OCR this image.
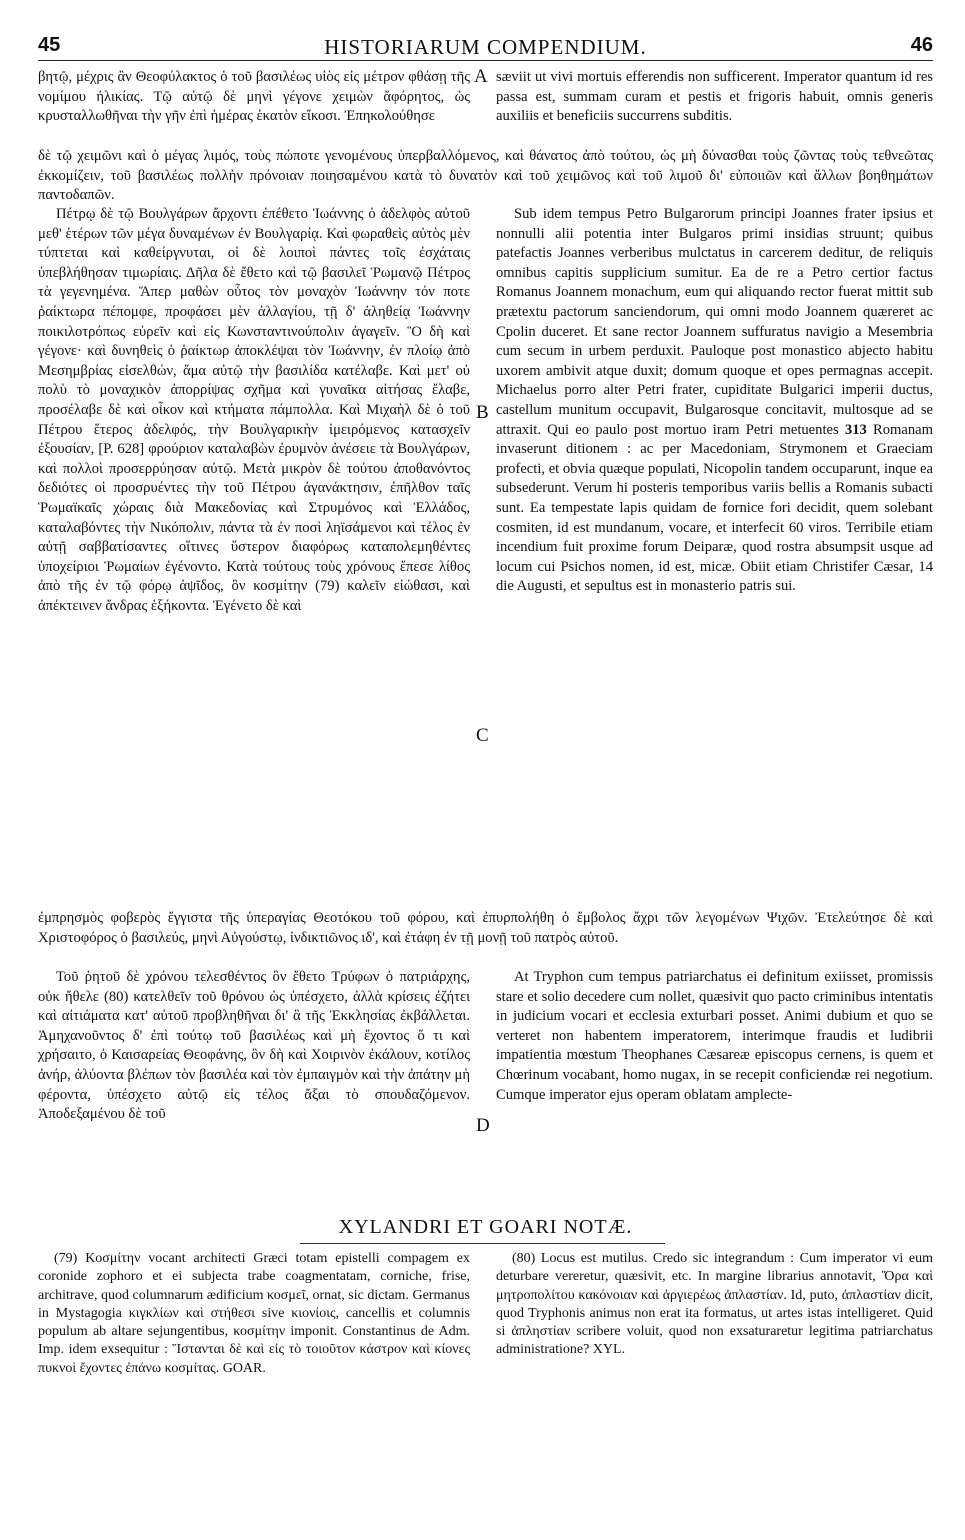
45	HISTORIARUM COMPENDIUM.	46

βητῷ, μέχρις ἂν Θεοφύλακτος ὁ τοῦ βασιλέως υἱὸς εἰς μέτρον φθάσῃ τῆς νομίμου ἡλικίας. Τῷ αὐτῷ δὲ μηνὶ γέγονε χειμὼν ἄφόρητος, ὡς κρυσταλλωθῆναι τὴν γῆν ἐπὶ ἡμέρας ἑκατὸν εἴκοσι. Ἐπηκολούθησε

A sæviit ut vivi mortuis efferendis non sufficerent. Imperator quantum id res passa est, summam curam et pestis et frigoris habuit, omnis generis auxiliis et beneficiis succurrens subditis.

δὲ τῷ χειμῶνι καὶ ὁ μέγας λιμός, τοὺς πώποτε γενομένους ὑπερβαλλόμενος, καὶ θάνατος ἀπὸ τούτου, ὡς μὴ δύνασθαι τοὺς ζῶντας τοὺς τεθνεῶτας ἐκκομίζειν, τοῦ βασιλέως πολλὴν πρόνοιαν ποιησαμένου κατὰ τὸ δυνατὸν καὶ τοῦ χειμῶνος καὶ τοῦ λιμοῦ δι' εὐποιιῶν καὶ ἄλλων βοηθημάτων παντοδαπῶν.

Πέτρῳ δὲ τῷ Βουλγάρων ἄρχοντι ἐπέθετο Ἰωάννης ὁ ἀδελφὸς αὐτοῦ μεθ' ἑτέρων τῶν μέγα δυναμένων ἐν Βουλγαρίᾳ. Καὶ φωραθεὶς αὐτὸς μὲν τύπτεται καὶ καθείργνυται, οἱ δὲ λοιποὶ πάντες τοῖς ἐσχάταις ὑπεβλήθησαν τιμωρίαις. Δῆλα δὲ ἔθετο καὶ τῷ βασιλεῖ Ῥωμανῷ Πέτρος τὰ γεγενημένα. Ἅπερ μαθὼν οὗτος τὸν μοναχὸν Ἰωάννην τόν ποτε ῥαίκτωρα πέπομφε, προφάσει μὲν ἀλλαγίου, τῇ δ' ἀληθείᾳ Ἰωάννην ποικιλοτρόπως εὑρεῖν καὶ εἰς Κωνσταντινούπολιν ἀγαγεῖν. Ὃ δὴ καὶ γέγονε· καὶ δυνηθεὶς ὁ ῥαίκτωρ ἀποκλέψαι τὸν Ἰωάννην, ἐν πλοίῳ ἀπὸ Μεσημβρίας εἰσελθών, ἅμα αὐτῷ τὴν βασιλίδα κατέλαβε. Καὶ μετ' οὐ πολὺ τὸ μοναχικὸν ἀπορρίψας σχῆμα καὶ γυναῖκα αἰτήσας ἔλαβε, προσέλαβε δὲ καὶ οἶκον καὶ κτήματα πάμπολλα. Καὶ Μιχαὴλ δὲ ὁ τοῦ Πέτρου ἕτερος ἀδελφός, τὴν Βουλγαρικὴν ἱμειρόμενος κατασχεῖν ἐξουσίαν, [P. 628] φρούριον καταλαβὼν ἐρυμνὸν ἀνέσειε τὰ Βουλγάρων, καὶ πολλοὶ προσερρύησαν αὐτῷ. Μετὰ μικρὸν δὲ τούτου ἀποθανόντος δεδιότες οἱ προσρυέντες τὴν τοῦ Πέτρου ἀγανάκτησιν, ἐπῆλθον ταῖς Ῥωμαϊκαῖς χώραις διὰ Μακεδονίας καὶ Στρυμόνος καὶ Ἑλλάδος, καταλαβόντες τὴν Νικόπολιν, πάντα τὰ ἐν ποσὶ ληϊσάμενοι καὶ τέλος ἐν αὐτῇ σαββατίσαντες οἵτινες ὕστερον διαφόρως καταπολεμηθέντες ὑποχείριοι Ῥωμαίων ἐγένοντο. Κατὰ τούτους τοὺς χρόνους ἔπεσε λίθος ἀπὸ τῆς ἐν τῷ φόρῳ ἁψῖδος, ὃν κοσμίτην (79) καλεῖν εἰώθασι, καὶ ἀπέκτεινεν ἄνδρας ἑξήκοντα. Ἐγένετο δὲ καὶ

B
C

Sub idem tempus Petro Bulgarorum principi Joannes frater ipsius et nonnulli alii potentia inter Bulgaros primi insidias struunt; quibus patefactis Joannes verberibus mulctatus in carcerem deditur, de reliquis omnibus capitis supplicium sumitur. Ea de re a Petro certior factus Romanus Joannem monachum, eum qui aliquando rector fuerat mittit sub prætextu pactorum sanciendorum, qui omni modo Joannem quæreret ac Cpolin duceret. Et sane rector Joannem suffuratus navigio a Mesembria cum secum in urbem perduxit. Pauloque post monastico abjecto habitu uxorem ambivit atque duxit; domum quoque et opes permagnas accepit. Michaelus porro alter Petri frater, cupiditate Bulgarici imperii ductus, castellum munitum occupavit, Bulgarosque concitavit, multosque ad se attraxit. Qui eo paulo post mortuo iram Petri metuentes 313 Romanam invaserunt ditionem : ac per Macedoniam, Strymonem et Graeciam profecti, et obvia quæque populati, Nicopolin tandem occuparunt, inque ea subsederunt. Verum hi posteris temporibus variis bellis a Romanis subacti sunt. Ea tempestate lapis quidam de fornice fori decidit, quem solebant cosmiten, id est mundanum, vocare, et interfecit 60 viros. Terribile etiam incendium fuit proxime forum Deiparæ, quod rostra absumpsit usque ad locum cui Psichos nomen, id est, micæ. Obiit etiam Christifer Cæsar, 14 die Augusti, et sepultus est in monasterio patris sui.

ἐμπρησμὸς φοβερὸς ἔγγιστα τῆς ὑπεραγίας Θεοτόκου τοῦ φόρου, καὶ ἐπυρπολήθη ὁ ἔμβολος ἄχρι τῶν λεγομένων Ψιχῶν. Ἐτελεύτησε δὲ καὶ Χριστοφόρος ὁ βασιλεύς, μηνὶ Αὐγούστῳ, ἰνδικτιῶνος ιδ', καὶ ἐτάφη ἐν τῇ μονῇ τοῦ πατρὸς αὐτοῦ.

Τοῦ ῥητοῦ δὲ χρόνου τελεσθέντος ὃν ἔθετο Τρύφων ὁ πατριάρχης, οὐκ ἤθελε (80) κατελθεῖν τοῦ θρόνου ὡς ὑπέσχετο, ἀλλὰ κρίσεις ἐζήτει καὶ αἰτιάματα κατ' αὐτοῦ προβληθῆναι δι' ἃ τῆς Ἐκκλησίας ἐκβάλλεται. Ἀμηχανοῦντος δ' ἐπὶ τούτῳ τοῦ βασιλέως καὶ μὴ ἔχοντος ὅ τι καὶ χρήσαιτο, ὁ Καισαρείας Θεοφάνης, ὃν δὴ καὶ Χοιρινὸν ἐκάλουν, κοτίλος ἀνήρ, ἀλύοντα βλέπων τὸν βασιλέα καὶ τὸν ἐμπαιγμὸν καὶ τὴν ἀπάτην μὴ φέροντα, ὑπέσχετο αὐτῷ εἰς τέλος ἄξαι τὸ σπουδαζόμενον. Ἀποδεξαμένου δὲ τοῦ

D

At Tryphon cum tempus patriarchatus ei definitum exiisset, promissis stare et solio decedere cum nollet, quæsivit quo pacto criminibus intentatis in judicium vocari et ecclesia exturbari posset. Animi dubium et quo se verteret non habentem imperatorem, interimque fraudis et ludibrii impatientia mœstum Theophanes Cæsareæ episcopus cernens, is quem et Chœrinum vocabant, homo nugax, in se recepit conficiendæ rei negotium. Cumque imperator ejus operam oblatam amplecte-

XYLANDRI ET GOARI NOTÆ.

(79) Κοσμίτην vocant architecti Græci totam epistelli compagem ex coronide zophoro et ei subjecta trabe coagmentatam, corniche, frise, architrave, quod columnarum ædificium κοσμεῖ, ornat, sic dictam. Germanus in Mystagogia κιγκλίων καὶ στήθεσι sive κιονίοις, cancellis et columnis populum ab altare sejungentibus, κοσμίτην imponit. Constantinus de Adm. Imp. idem exsequitur : Ἵστανται δὲ καὶ εἰς τὸ τοιοῦτον κάστρον καὶ κίονες πυκνοὶ ἔχοντες ἐπάνω κοσμίτας. GOAR.

(80) Locus est mutilus. Credo sic integrandum : Cum imperator vi eum deturbare vereretur, quæsivit, etc. In margine librarius annotavit, Ὅρα καὶ μητροπολίτου κακόνοιαν καὶ ἀργιερέως ἀπλαστίαν. Id, puto, ἀπλαστίαν dicit, quod Tryphonis animus non erat ita formatus, ut artes istas intelligeret. Quid si ἀπληστίαν scribere voluit, quod non exsaturaretur legitima patriarchatus administratione? XYL.
